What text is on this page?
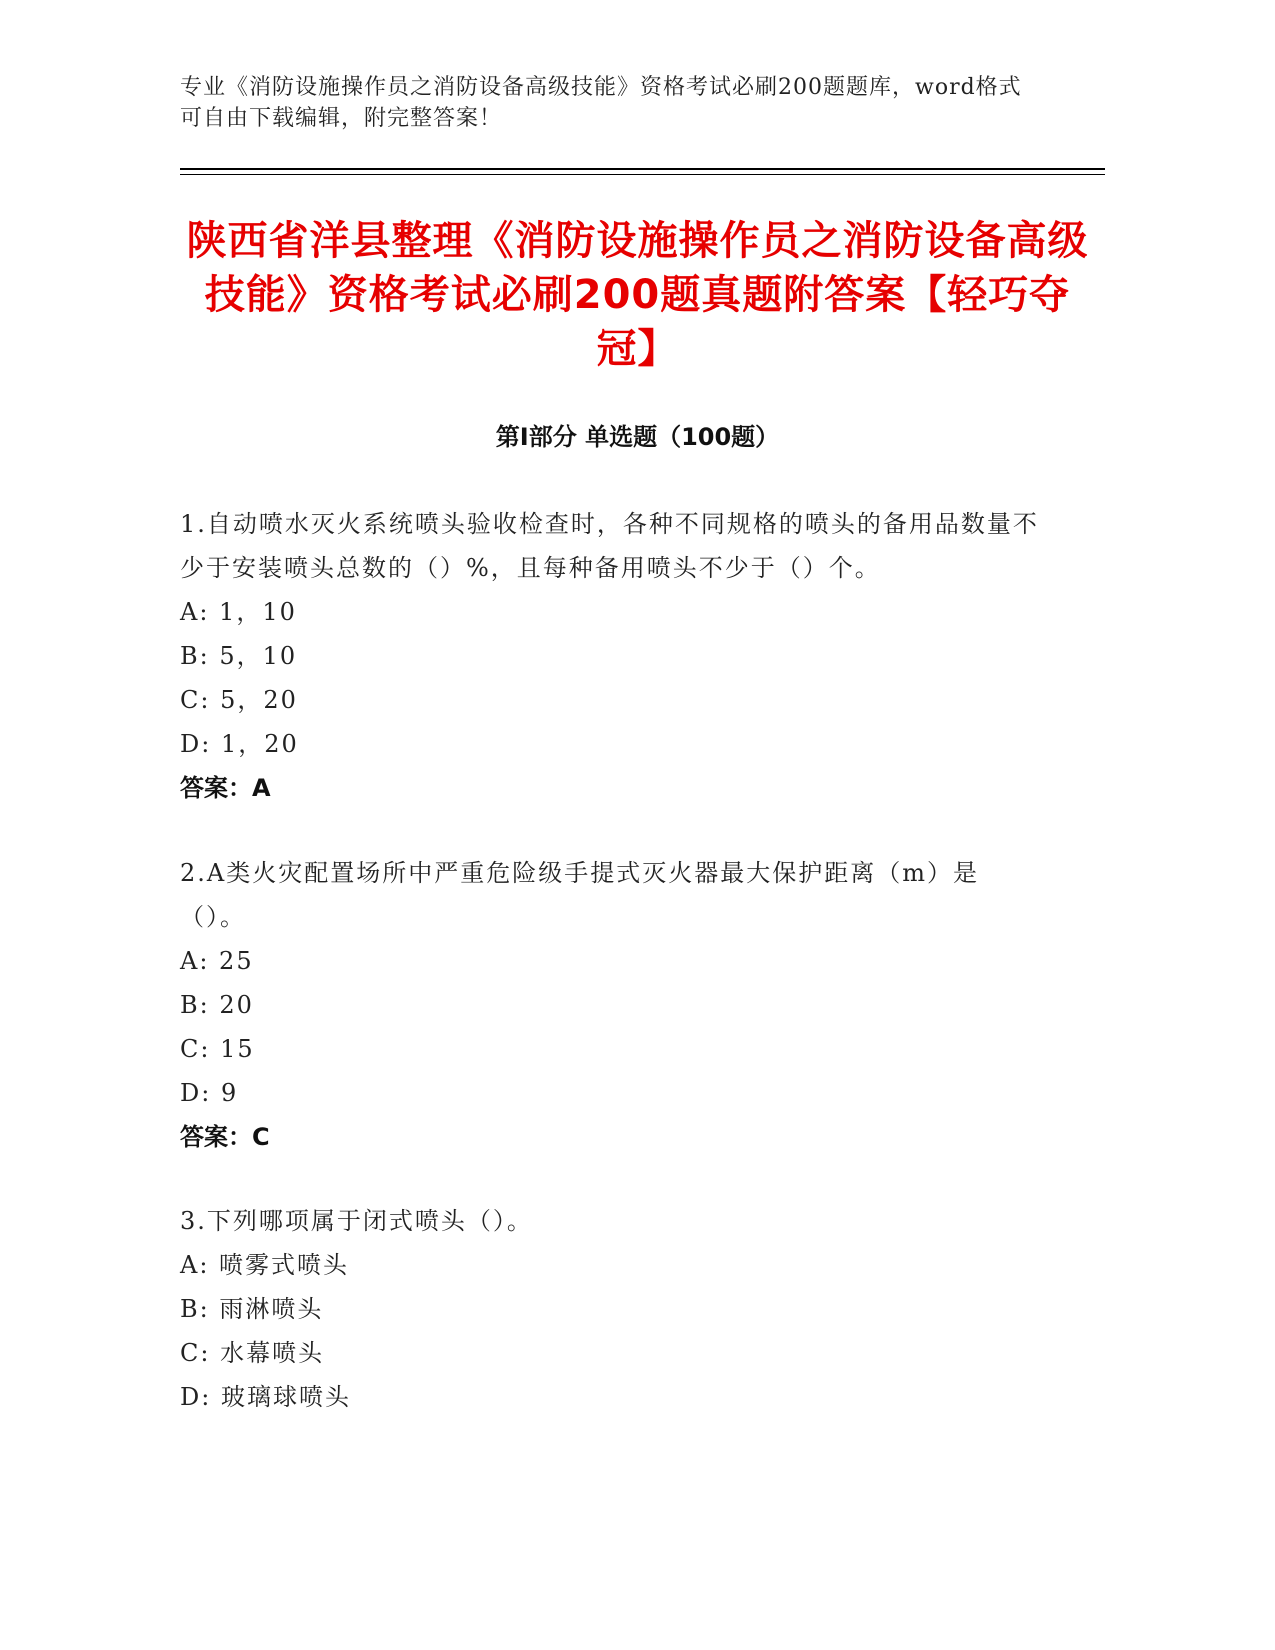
专业《消防设施操作员之消防设备高级技能》资格考试必刷200题题库，word格式可自由下载编辑，附完整答案！
陕西省洋县整理《消防设施操作员之消防设备高级技能》资格考试必刷200题真题附答案【轻巧夺冠】
第Ⅰ部分 单选题（100题）
1.自动喷水灭火系统喷头验收检查时，各种不同规格的喷头的备用品数量不少于安装喷头总数的（）%，且每种备用喷头不少于（）个。
A: 1，10
B: 5，10
C: 5，20
D: 1，20
答案：A
2.A类火灾配置场所中严重危险级手提式灭火器最大保护距离（m）是（）。
A: 25
B: 20
C: 15
D: 9
答案：C
3.下列哪项属于闭式喷头（）。
A: 喷雾式喷头
B: 雨淋喷头
C: 水幕喷头
D: 玻璃球喷头
